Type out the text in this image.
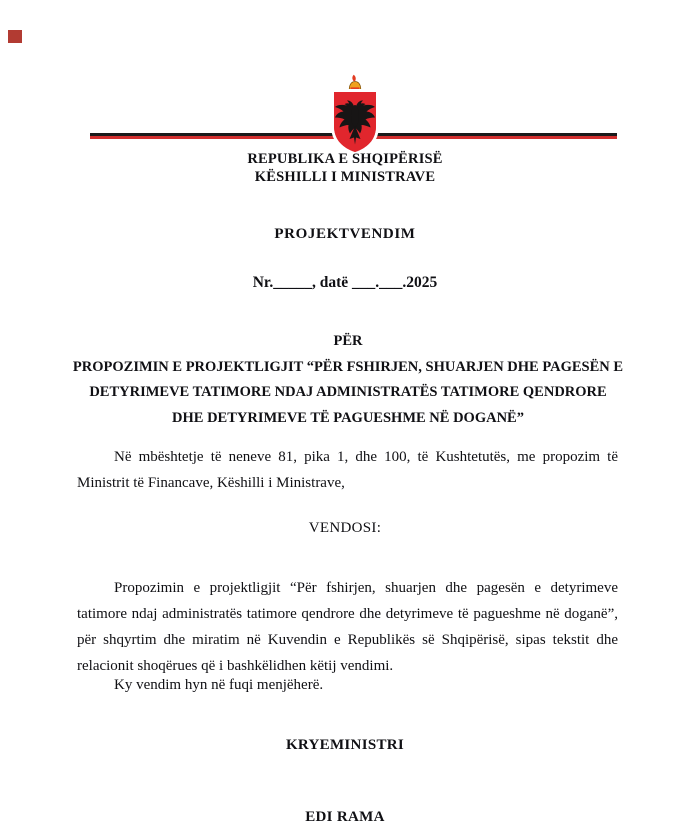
REPUBLIKA E SHQIPËRISË
KËSHILLI I MINISTRAVE
PROJEKTVENDIM
Nr._____, datë ___.___.2025
PËR
PROPOZIMIN E PROJEKTLIGJIT “PËR FSHIRJEN, SHUARJEN DHE PAGESËN E DETYRIMEVE TATIMORE NDAJ ADMINISTRATËS TATIMORE QENDRORE DHE DETYRIMEVE TË PAGUESHME NË DOGANË”
Në mbështetje të neneve 81, pika 1, dhe 100, të Kushtetutës, me propozim të Ministrit të Financave, Këshilli i Ministrave,
VENDOSI:
Propozimin e projektligjit “Për fshirjen, shuarjen dhe pagesën e detyrimeve tatimore ndaj administratës tatimore qendrore dhe detyrimeve të pagueshme në doganë”, për shqyrtim dhe miratim në Kuvendin e Republikës së Shqipërisë, sipas tekstit dhe relacionit shoqërues që i bashkëlidhen këtij vendimi.
Ky vendim hyn në fuqi menjëherë.
KRYEMINISTRI
EDI RAMA
